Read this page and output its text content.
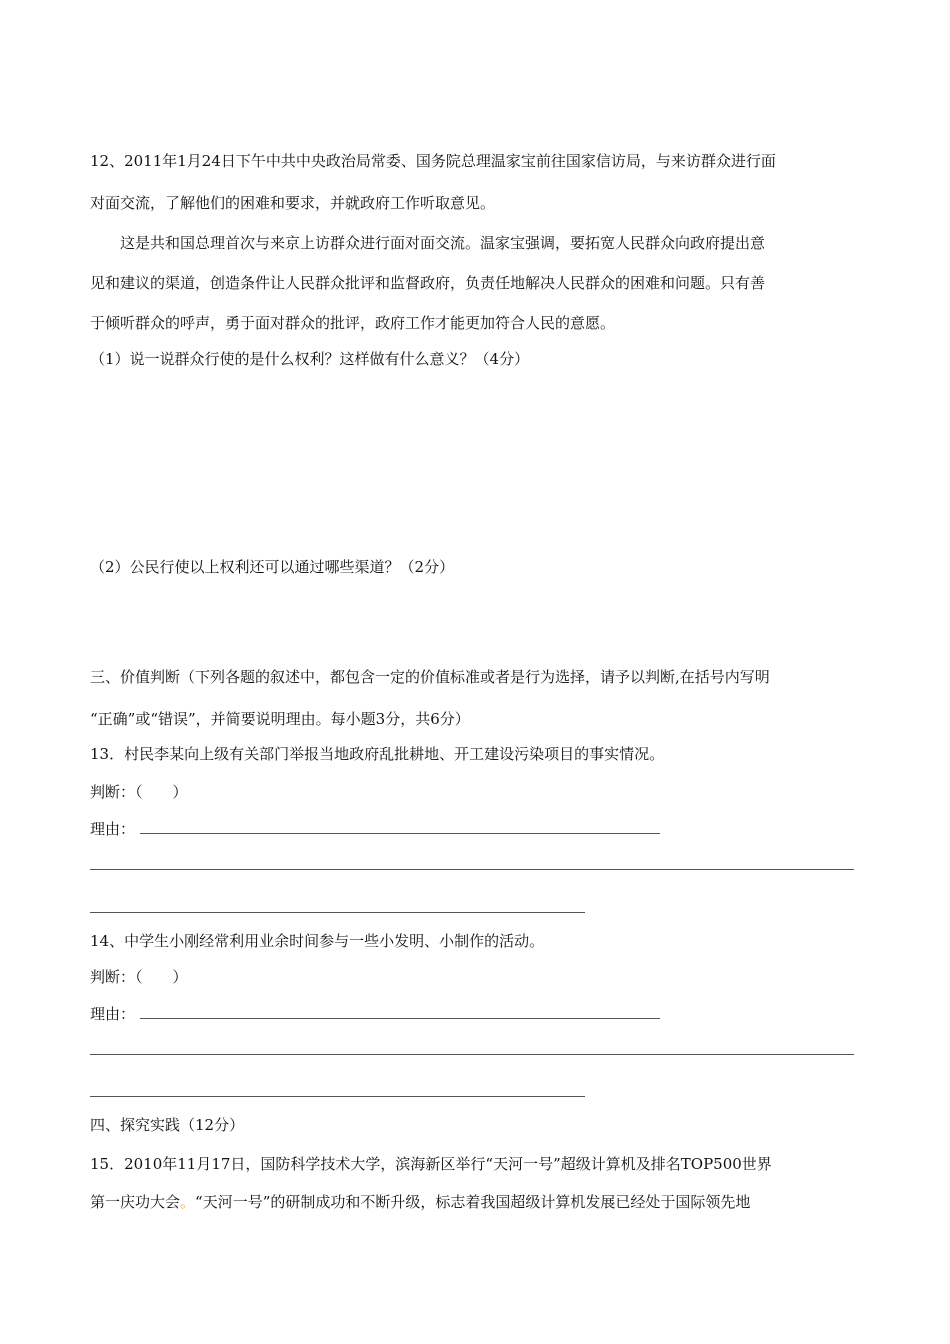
12、2011年1月24日下午中共中央政治局常委、国务院总理温家宝前往国家信访局，与来访群众进行面
对面交流，了解他们的困难和要求，并就政府工作听取意见。
这是共和国总理首次与来京上访群众进行面对面交流。温家宝强调，要拓宽人民群众向政府提出意
见和建议的渠道，创造条件让人民群众批评和监督政府，负责任地解决人民群众的困难和问题。只有善
于倾听群众的呼声，勇于面对群众的批评，政府工作才能更加符合人民的意愿。
（1）说一说群众行使的是什么权利？这样做有什么意义？（4分）
（2）公民行使以上权利还可以通过哪些渠道？（2分）
三、价值判断（下列各题的叙述中，都包含一定的价值标准或者是行为选择，请予以判断,在括号内写明
“正确”或“错误”，并简要说明理由。每小题3分，共6分）
13．村民李某向上级有关部门举报当地政府乱批耕地、开工建设污染项目的事实情况。
判断：（　　）
理由：
14、中学生小刚经常利用业余时间参与一些小发明、小制作的活动。
判断：（　　）
理由：
四、探究实践（12分）
15．2010年11月17日，国防科学技术大学，滨海新区举行“天河一号”超级计算机及排名TOP500世界
第一庆功大会。“天河一号”的研制成功和不断升级，标志着我国超级计算机发展已经处于国际领先地
